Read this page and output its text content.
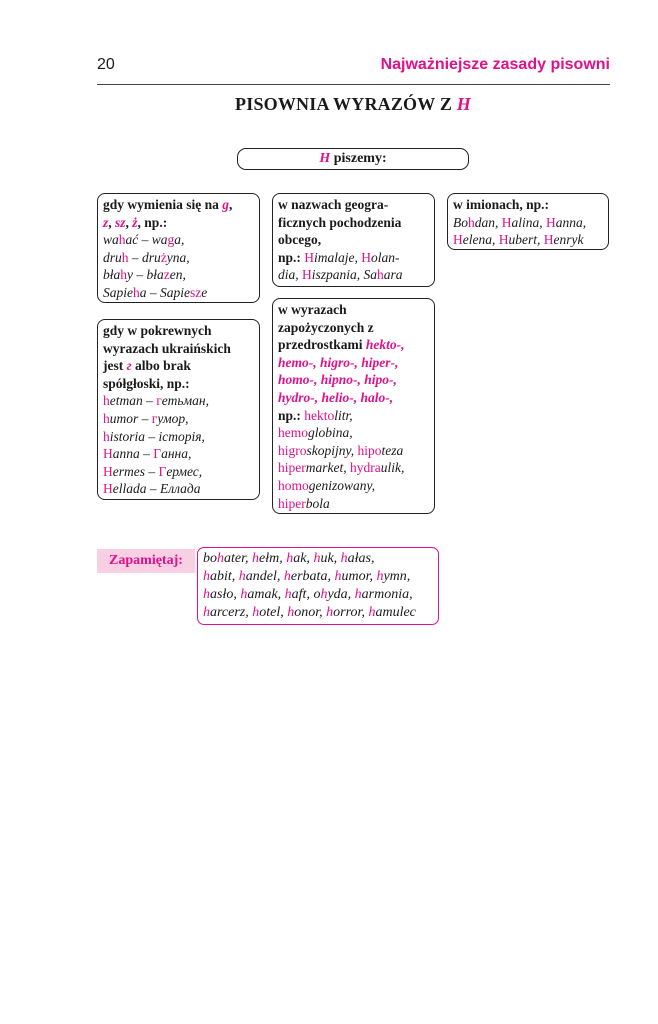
20	Najważniejsze zasady pisowni
PISOWNIA WYRAZÓW Z H
H piszemy:
gdy wymienia się na g,
z, sz, ż, np.:
wahać – waga,
druh – drużyna,
błahy – błazen,
Sapieha – Sapiesze
w nazwach geogra-
ficznych pochodzenia
obcego,
np.: Himalaje, Holan-
dia, Hiszpania, Sahara
w imionach, np.:
Bohdan, Halina, Hanna,
Helena, Hubert, Henryk
gdy w pokrewnych
wyrazach ukraińskich
jest г albo brak
spółgłoski, np.:
hetman – гетьман,
humor – гумор,
historia – історія,
Hanna – Ганна,
Hermes – Гермес,
Hellada – Еллада
w wyrazach
zapożyczonych z
przedrostkami hekto-,
hemo-, higro-, hiper-,
homo-, hipno-, hipo-,
hydro-, helio-, halo-,
np.: hektolitr,
hemoglobina,
higroskopijny, hipoteza
hipermarket, hydraulik,
homogenizowany,
hiperbola
Zapamiętaj:	bohater, hełm, hak, huk, hałas,
habit, handel, herbata, humor, hymn,
hasło, hamak, haft, ohyda, harmonia,
harcerz, hotel, honor, horror, hamulec
